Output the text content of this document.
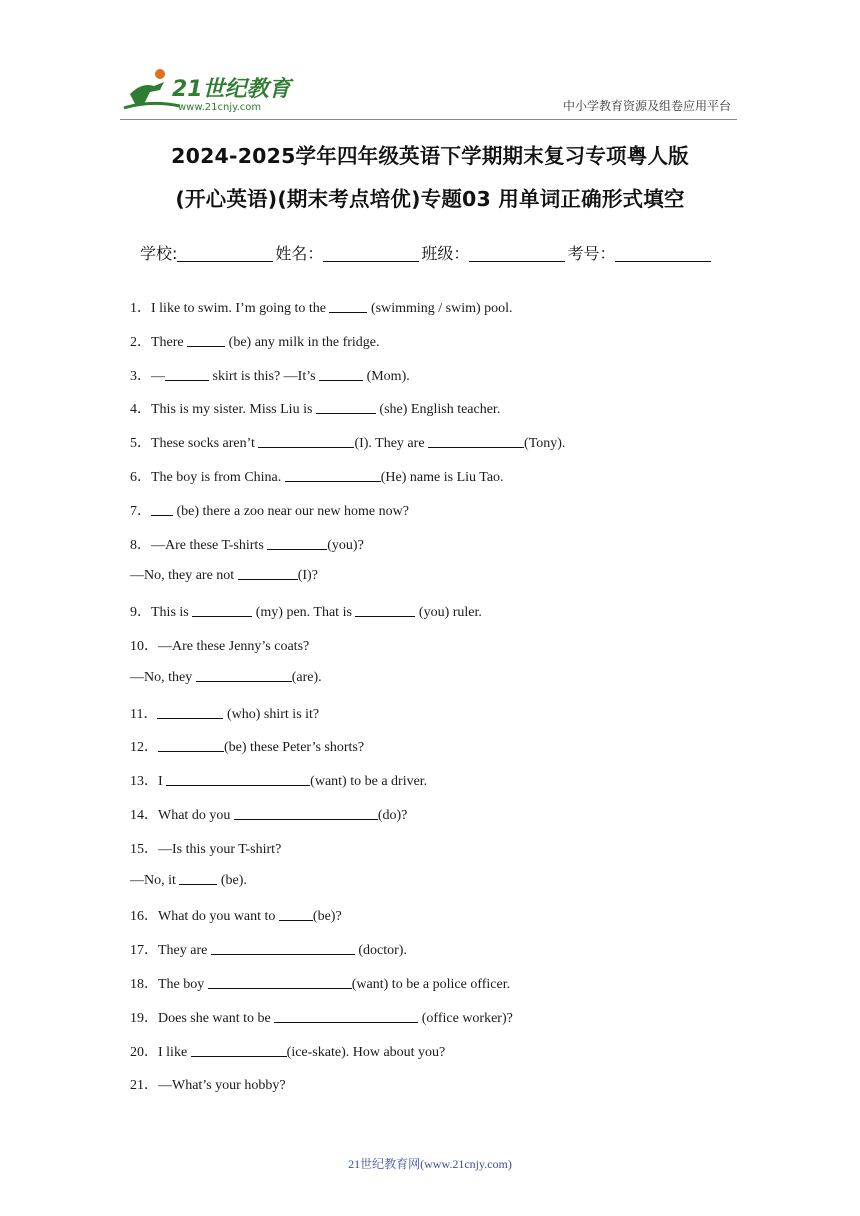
21世纪教育
www.21cnjy.com	中小学教育资源及组卷应用平台
2024-2025学年四年级英语下学期期末复习专项粤人版
(开心英语)(期末考点培优)专题03 用单词正确形式填空
学校:	姓名：	班级：	考号：
1．I like to swim. I’m going to the	(swimming / swim) pool.
2．There	(be) any milk in the fridge.
3．—	skirt is this? —It’s	(Mom).
4．This is my sister. Miss Liu is	(she) English teacher.
5．These socks aren’t	(I). They are	(Tony).
6．The boy is from China.	(He) name is Liu Tao.
7． (be) there a zoo near our new home now?
8．—Are these T-shirts	(you)?
—No, they are not	(I)?
9．This is	(my) pen. That is	(you) ruler.
10．—Are these Jenny’s coats?
—No, they	(are).
11．	(who) shirt is it?
12．	(be) these Peter’s shorts?
13．I	(want) to be a driver.
14．What do you	(do)?
15．—Is this your T-shirt?
—No, it	(be).
16．What do you want to (be)?
17．They are	(doctor).
18．The boy	(want) to be a police officer.
19．Does she want to be	(office worker)?
20．I like	(ice-skate). How about you?
21．—What’s your hobby?
21世纪教育网(www.21cnjy.com)
